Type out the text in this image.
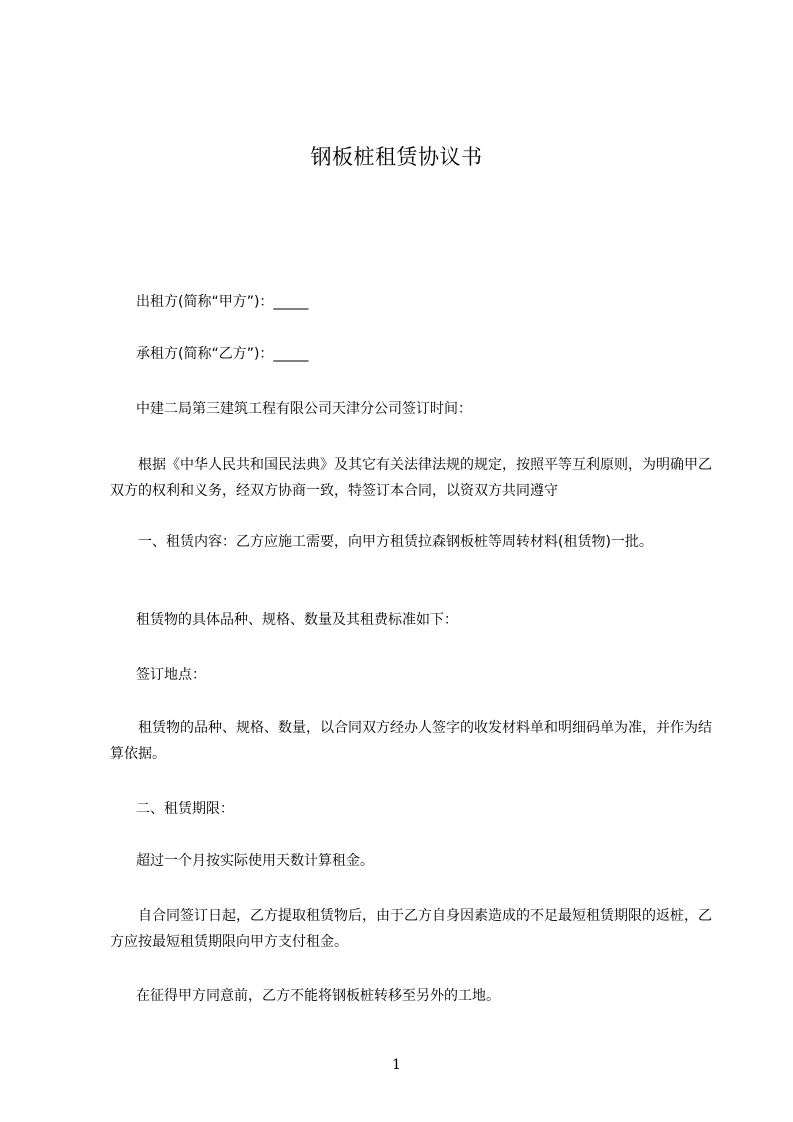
钢板桩租赁协议书

出租方(简称“甲方”)：_____

承租方(简称“乙方”)：_____

中建二局第三建筑工程有限公司天津分公司签订时间：

根据《中华人民共和国民法典》及其它有关法律法规的规定，按照平等互利原则，为明确甲乙双方的权利和义务，经双方协商一致，特签订本合同，以资双方共同遵守

一、租赁内容：乙方应施工需要，向甲方租赁拉森钢板桩等周转材料(租赁物)一批。

租赁物的具体品种、规格、数量及其租费标准如下：

签订地点：

租赁物的品种、规格、数量，以合同双方经办人签字的收发材料单和明细码单为准，并作为结算依据。

二、租赁期限：

超过一个月按实际使用天数计算租金。

自合同签订日起，乙方提取租赁物后，由于乙方自身因素造成的不足最短租赁期限的返桩，乙方应按最短租赁期限向甲方支付租金。

在征得甲方同意前，乙方不能将钢板桩转移至另外的工地。

1
